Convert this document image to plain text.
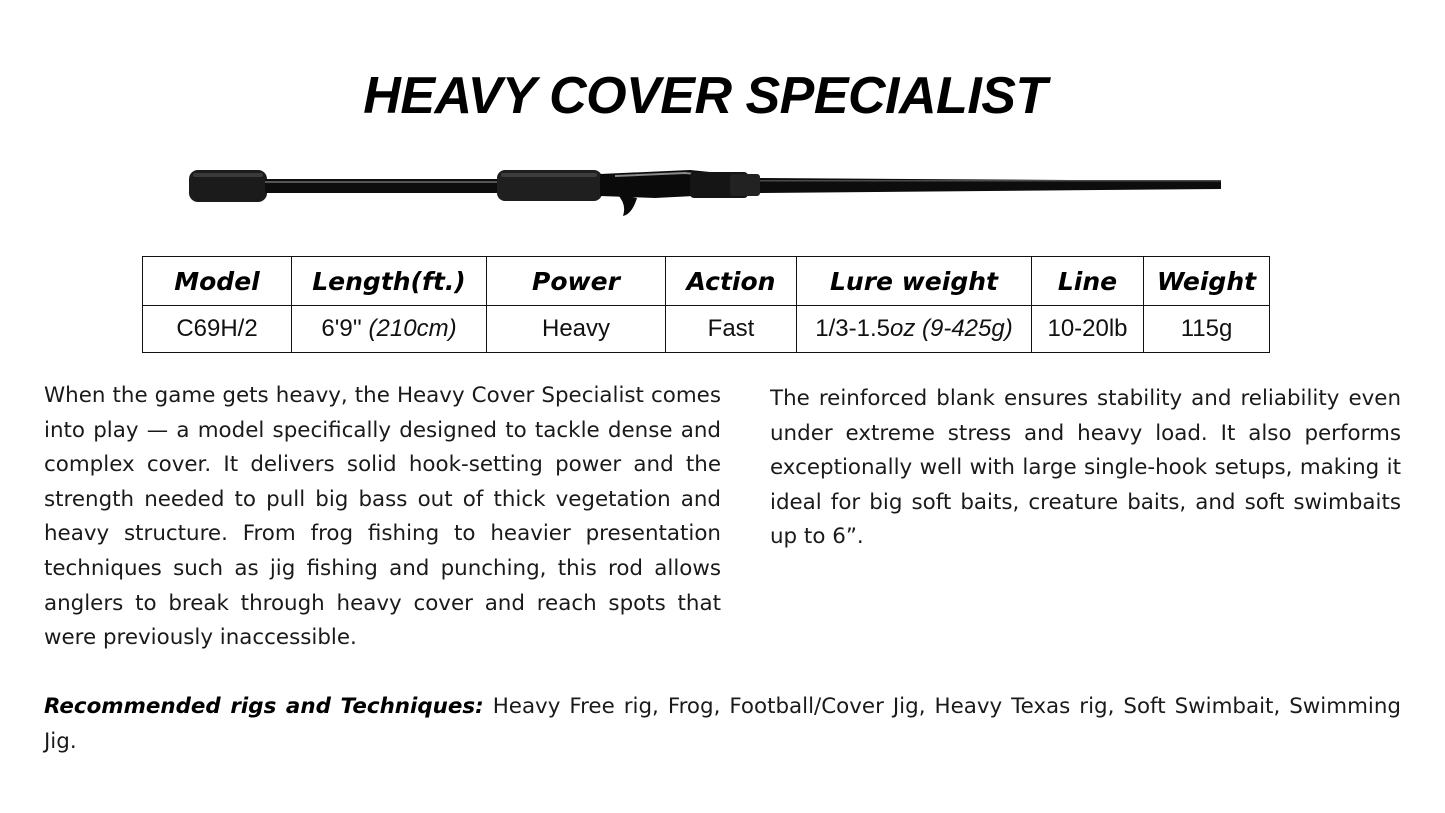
HEAVY COVER SPECIALIST
Model	Length(ft.)	Power	Action	Lure weight	Line	Weight
C69H/2	6'9'' (210cm)	Heavy	Fast	1/3-1.5oz (9-425g)	10-20lb	115g

When the game gets heavy, the Heavy Cover Specialist comes into play — a model specifically designed to tackle dense and complex cover. It delivers solid hook-setting power and the strength needed to pull big bass out of thick vegetation and heavy structure. From frog fishing to heavier presentation techniques such as jig fishing and punching, this rod allows anglers to break through heavy cover and reach spots that were previously inaccessible.

The reinforced blank ensures stability and reliability even under extreme stress and heavy load. It also performs exceptionally well with large single-hook setups, making it ideal for big soft baits, creature baits, and soft swimbaits up to 6”.

Recommended rigs and Techniques: Heavy Free rig, Frog, Football/Cover Jig, Heavy Texas rig, Soft Swimbait, Swimming Jig.
